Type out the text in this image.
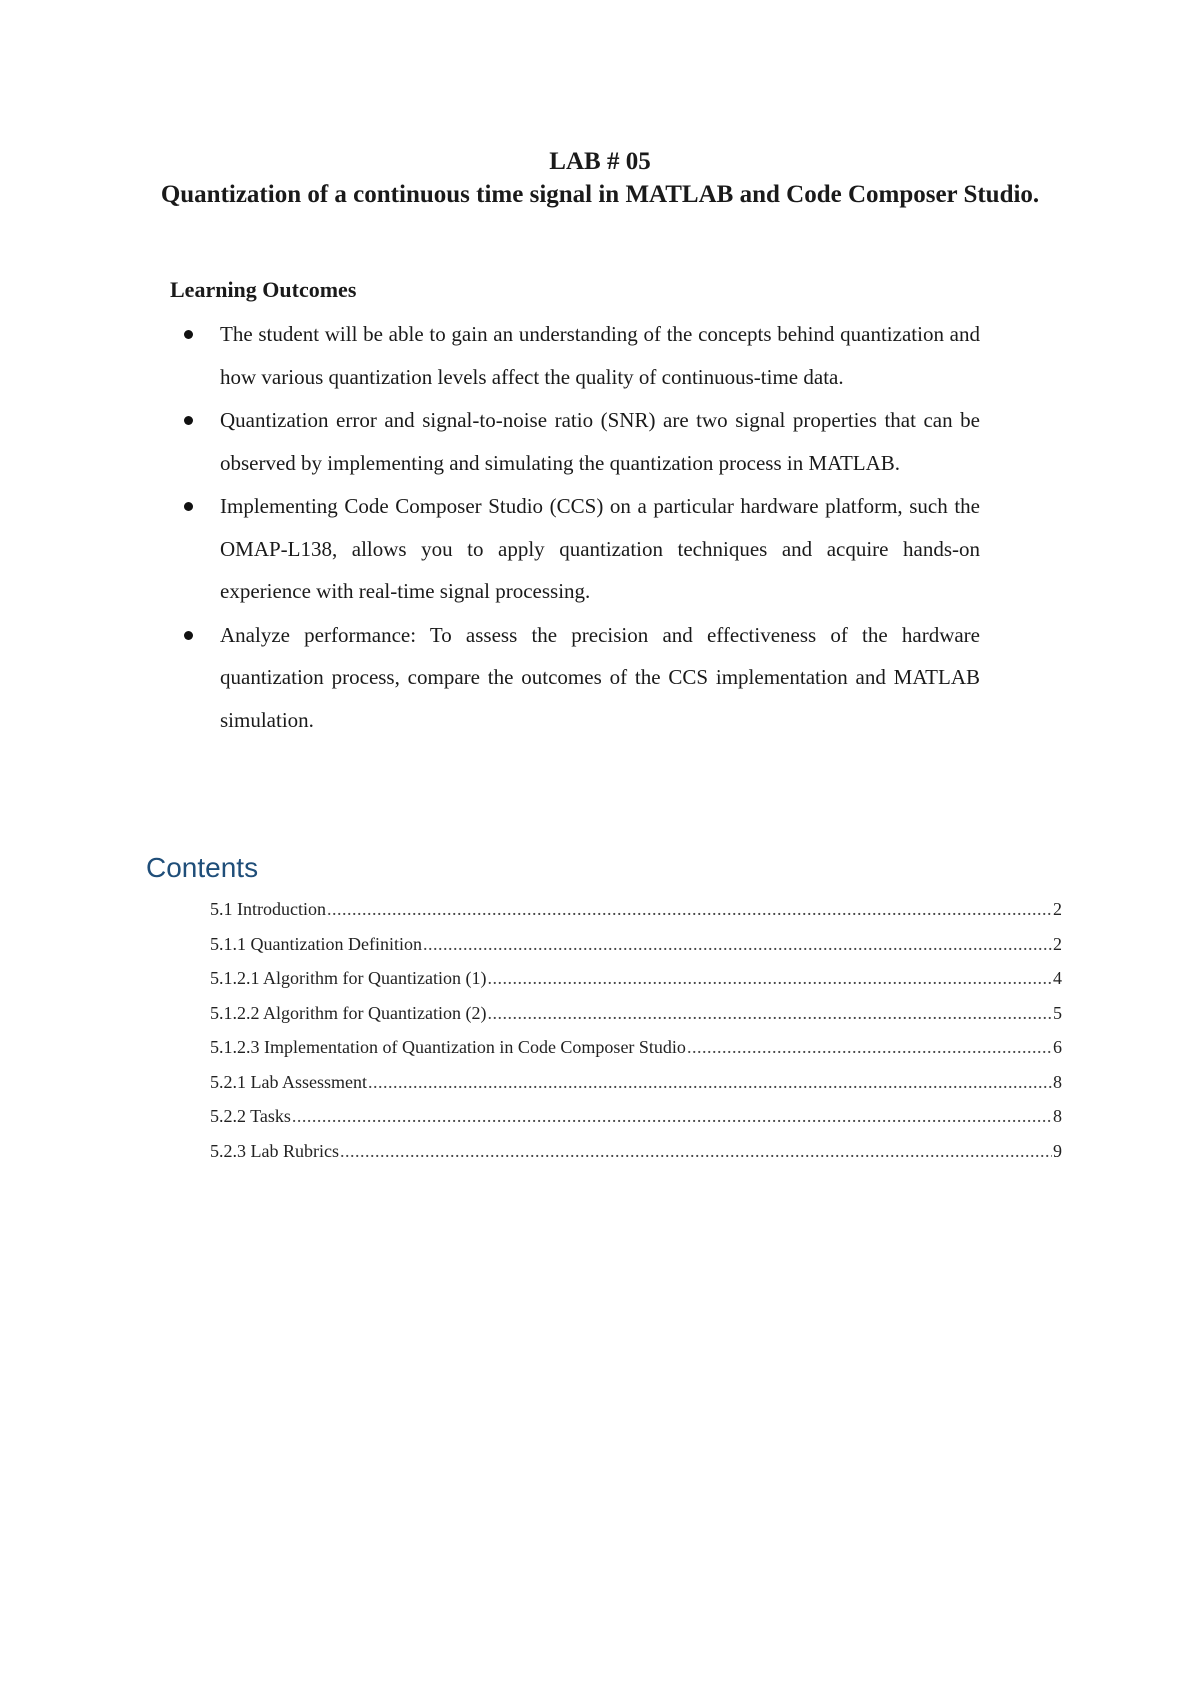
LAB # 05
Quantization of a continuous time signal in MATLAB and Code Composer Studio.
Learning Outcomes
The student will be able to gain an understanding of the concepts behind quantization and how various quantization levels affect the quality of continuous-time data.
Quantization error and signal-to-noise ratio (SNR) are two signal properties that can be observed by implementing and simulating the quantization process in MATLAB.
Implementing Code Composer Studio (CCS) on a particular hardware platform, such the OMAP-L138, allows you to apply quantization techniques and acquire hands-on experience with real-time signal processing.
Analyze performance: To assess the precision and effectiveness of the hardware quantization process, compare the outcomes of the CCS implementation and MATLAB simulation.
Contents
5.1 Introduction .....	2
5.1.1 Quantization Definition .....	2
5.1.2.1 Algorithm for Quantization (1) .....	4
5.1.2.2 Algorithm for Quantization (2) .....	5
5.1.2.3 Implementation of Quantization in Code Composer Studio .....	6
5.2.1 Lab Assessment .....	8
5.2.2 Tasks .....	8
5.2.3 Lab Rubrics .....	9
